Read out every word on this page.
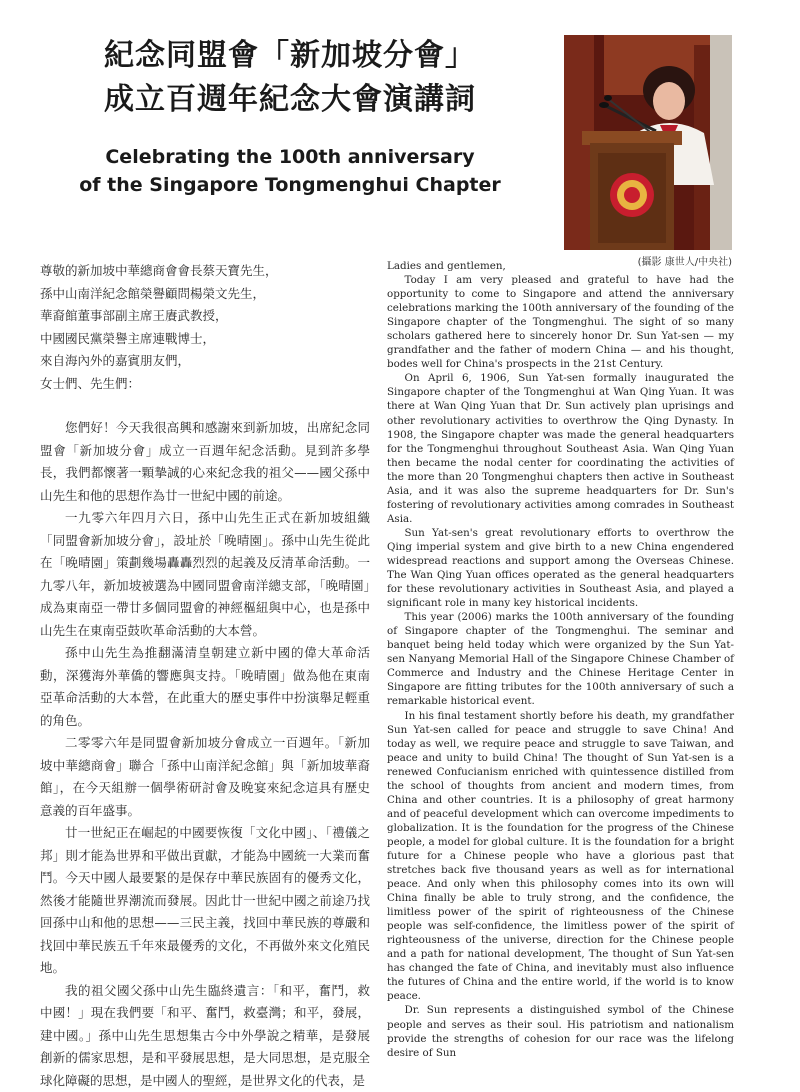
紀念同盟會「新加坡分會」
成立百週年紀念大會演講詞
Celebrating the 100th anniversary
of the Singapore Tongmenghui Chapter
(攝影 康世人/中央社)
尊敬的新加坡中華總商會會長蔡天寶先生，
孫中山南洋紀念館榮譽顧問楊榮文先生，
華裔館董事部副主席王賡武教授，
中國國民黨榮譽主席連戰博士，
來自海內外的嘉賓朋友們，
女士們、先生們：

您們好！今天我很高興和感謝來到新加坡，出席紀念同盟會「新加坡分會」成立一百週年紀念活動。見到許多學長，我們都懷著一顆摯誠的心來紀念我的祖父——國父孫中山先生和他的思想作為廿一世紀中國的前途。

一九零六年四月六日，孫中山先生正式在新加坡組織「同盟會新加坡分會」，設址於「晚晴園」。孫中山先生從此在「晚晴園」策劃幾場轟轟烈烈的起義及反清革命活動。一九零八年，新加坡被選為中國同盟會南洋總支部，「晚晴園」成為東南亞一帶廿多個同盟會的神經樞紐與中心，也是孫中山先生在東南亞鼓吹革命活動的大本營。

孫中山先生為推翻滿清皇朝建立新中國的偉大革命活動，深獲海外華僑的響應與支持。「晚晴園」做為他在東南亞革命活動的大本營，在此重大的歷史事件中扮演舉足輕重的角色。

二零零六年是同盟會新加坡分會成立一百週年。「新加坡中華總商會」聯合「孫中山南洋紀念館」與「新加坡華裔館」，在今天組辦一個學術研討會及晚宴來紀念這具有歷史意義的百年盛事。

廿一世紀正在崛起的中國要恢復「文化中國」、「禮儀之邦」則才能為世界和平做出貢獻，才能為中國統一大業而奮鬥。今天中國人最要緊的是保存中華民族固有的優秀文化，然後才能隨世界潮流而發展。因此廿一世紀中國之前途乃找回孫中山和他的思想——三民主義，找回中華民族的尊嚴和找回中華民族五千年來最優秀的文化，不再做外來文化殖民地。

我的祖父國父孫中山先生臨終遺言：「和平，奮鬥，救中國！」現在我們要「和平、奮鬥，救臺灣；和平，發展，建中國。」孫中山先生思想集古今中外學說之精華，是發展創新的儒家思想，是和平發展思想，是大同思想，是克服全球化障礙的思想，是中國人的聖經，是世界文化的代表，是

Ladies and gentlemen,

Today I am very pleased and grateful to have had the opportunity to come to Singapore and attend the anniversary celebrations marking the 100th anniversary of the founding of the Singapore chapter of the Tongmenghui. The sight of so many scholars gathered here to sincerely honor Dr. Sun Yat-sen — my grandfather and the father of modern China — and his thought, bodes well for China's prospects in the 21st Century.

On April 6, 1906, Sun Yat-sen formally inaugurated the Singapore chapter of the Tongmenghui at Wan Qing Yuan. It was there at Wan Qing Yuan that Dr. Sun actively plan uprisings and other revolutionary activities to overthrow the Qing Dynasty. In 1908, the Singapore chapter was made the general headquarters for the Tongmenghui throughout Southeast Asia. Wan Qing Yuan then became the nodal center for coordinating the activities of the more than 20 Tongmenghui chapters then active in Southeast Asia, and it was also the supreme headquarters for Dr. Sun's fostering of revolutionary activities among comrades in Southeast Asia.

Sun Yat-sen's great revolutionary efforts to overthrow the Qing imperial system and give birth to a new China engendered widespread reactions and support among the Overseas Chinese. The Wan Qing Yuan offices operated as the general headquarters for these revolutionary activities in Southeast Asia, and played a significant role in many key historical incidents.

This year (2006) marks the 100th anniversary of the founding of Singapore chapter of the Tongmenghui. The seminar and banquet being held today which were organized by the Sun Yat-sen Nanyang Memorial Hall of the Singapore Chinese Chamber of Commerce and Industry and the Chinese Heritage Center in Singapore are fitting tributes for the 100th anniversary of such a remarkable historical event.

In his final testament shortly before his death, my grandfather Sun Yat-sen called for peace and struggle to save China! And today as well, we require peace and struggle to save Taiwan, and peace and unity to build China! The thought of Sun Yat-sen is a renewed Confucianism enriched with quintessence distilled from the school of thoughts from ancient and modern times, from China and other countries. It is a philosophy of great harmony and of peaceful development which can overcome impediments to globalization. It is the foundation for the progress of the Chinese people, a model for global culture. It is the foundation for a bright future for a Chinese people who have a glorious past that stretches back five thousand years as well as for international peace. And only when this philosophy comes into its own will China finally be able to truly strong, and the confidence, the limitless power of the spirit of righteousness of the Chinese people was self-confidence, the limitless power of the spirit of righteousness of the universe, direction for the Chinese people and a path for national development, The thought of Sun Yat-sen has changed the fate of China, and inevitably must also influence the futures of China and the entire world, if the world is to know peace.

Dr. Sun represents a distinguished symbol of the Chinese people and serves as their soul. His patriotism and nationalism provide the strengths of cohesion for our race was the lifelong desire of Sun
